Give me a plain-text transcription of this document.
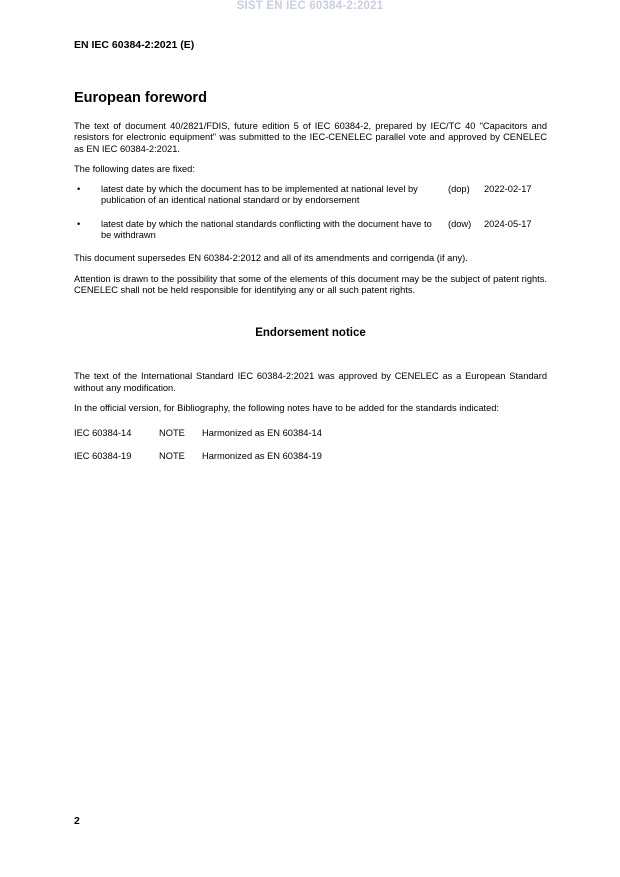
SIST EN IEC 60384-2:2021
EN IEC 60384-2:2021 (E)
European foreword

The text of document 40/2821/FDIS, future edition 5 of IEC 60384-2, prepared by IEC/TC 40 "Capacitors and resistors for electronic equipment" was submitted to the IEC-CENELEC parallel vote and approved by CENELEC as EN IEC 60384-2:2021.

The following dates are fixed:

• latest date by which the document has to be implemented at national level by publication of an identical national standard or by endorsement
(dop) 2022-02-17
• latest date by which the national standards conflicting with the document have to be withdrawn
(dow) 2024-05-17

This document supersedes EN 60384-2:2012 and all of its amendments and corrigenda (if any).

Attention is drawn to the possibility that some of the elements of this document may be the subject of patent rights. CENELEC shall not be held responsible for identifying any or all such patent rights.

Endorsement notice

The text of the International Standard IEC 60384-2:2021 was approved by CENELEC as a European Standard without any modification.

In the official version, for Bibliography, the following notes have to be added for the standards indicated:

IEC 60384-14	NOTE Harmonized as EN 60384-14
IEC 60384-19	NOTE Harmonized as EN 60384-19
2
